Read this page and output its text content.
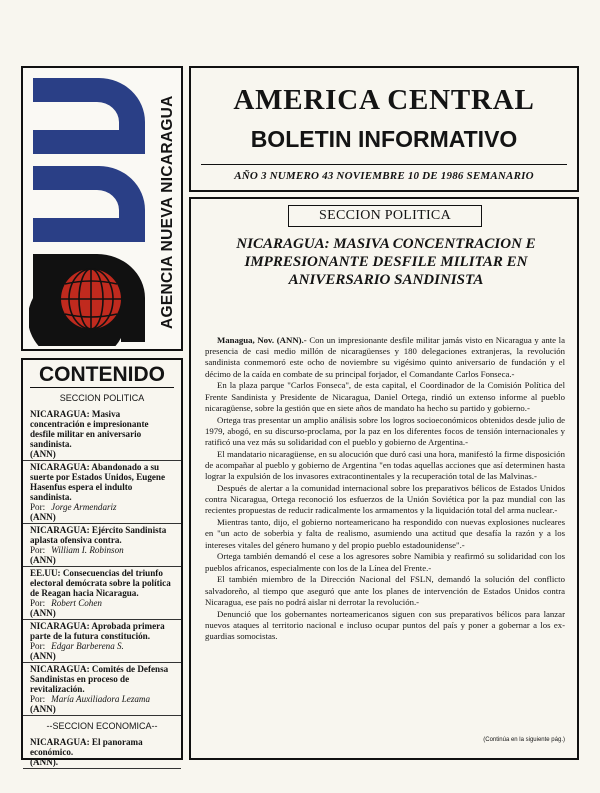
AGENCIA NUEVA NICARAGUA	AMERICA CENTRAL
BOLETIN INFORMATIVO
AÑO 3 NUMERO 43 NOVIEMBRE 10 DE 1986 SEMANARIO
CONTENIDO
SECCION POLITICA
NICARAGUA: Masiva concentración e impresionante desfile militar en aniversario sandinista.
(ANN)
NICARAGUA: Abandonado a su suerte por Estados Unidos, Eugene Hasenfus espera el indulto sandinista.
Por: Jorge Armendariz
(ANN)
NICARAGUA: Ejército Sandinista aplasta ofensiva contra.
Por: William I. Robinson
(ANN)
EE.UU: Consecuencias del triunfo electoral demócrata sobre la política de Reagan hacia Nicaragua.
Por: Robert Cohen
(ANN)
NICARAGUA: Aprobada primera parte de la futura constitución.
Por: Edgar Barberena S.
(ANN)
NICARAGUA: Comités de Defensa Sandinistas en proceso de revitalización.
Por: María Auxiliadora Lezama
(ANN)
--SECCION ECONOMICA--
NICARAGUA: El panorama económico.
(ANN).
SECCION POLITICA
NICARAGUA: MASIVA CONCENTRACION E IMPRESIONANTE DESFILE MILITAR EN ANIVERSARIO SANDINISTA

Managua, Nov. (ANN).- Con un impresionante desfile militar jamás visto en Nicaragua y ante la presencia de casi medio millón de nicaragüenses y 180 delegaciones extranjeras, la revolución sandinista conmemoró este ocho de noviembre su vigésimo quinto aniversario de fundación y el décimo de la caída en combate de su principal forjador, el Comandante Carlos Fonseca.-

En la plaza parque "Carlos Fonseca", de esta capital, el Coordinador de la Comisión Política del Frente Sandinista y Presidente de Nicaragua, Daniel Ortega, rindió un extenso informe al pueblo nicaragüense, sobre la gestión que en siete años de mandato ha hecho su partido y gobierno.-

Ortega tras presentar un amplio análisis sobre los logros socioeconómicos obtenidos desde julio de 1979, abogó, en su discurso-proclama, por la paz en los diferentes focos de tensión internacionales y ratificó una vez más su solidaridad con el pueblo y gobierno de Argentina.-

El mandatario nicaragüense, en su alocución que duró casi una hora, manifestó la firme disposición de acompañar al pueblo y gobierno de Argentina "en todas aquellas acciones que así determinen hasta lograr la expulsión de los invasores extracontinentales y la recuperación total de las Malvinas.-

Después de alertar a la comunidad internacional sobre los preparativos bélicos de Estados Unidos contra Nicaragua, Ortega reconoció los esfuerzos de la Unión Soviética por la paz mundial con las recientes propuestas de reducir radicalmente los armamentos y la liquidación total del arma nuclear.-

Mientras tanto, dijo, el gobierno norteamericano ha respondido con nuevas explosiones nucleares en "un acto de soberbia y falta de realismo, asumiendo una actitud que desafía la razón y a los intereses vitales del género humano y del propio pueblo estadounidense".-

Ortega también demandó el cese a los agresores sobre Namibia y reafirmó su solidaridad con los pueblos africanos, especialmente con los de la Línea del Frente.-

El también miembro de la Dirección Nacional del FSLN, demandó la solución del conflicto salvadoreño, al tiempo que aseguró que ante los planes de intervención de Estados Unidos contra Nicaragua, ese país no podrá aislar ni derrotar la revolución.-

Denunció que los gobernantes norteamericanos siguen con sus preparativos bélicos para lanzar nuevos ataques al territorio nacional e incluso ocupar puntos del país y poner a gobernar a los ex-guardias somocistas.

(Continúa en la siguiente pág.)
